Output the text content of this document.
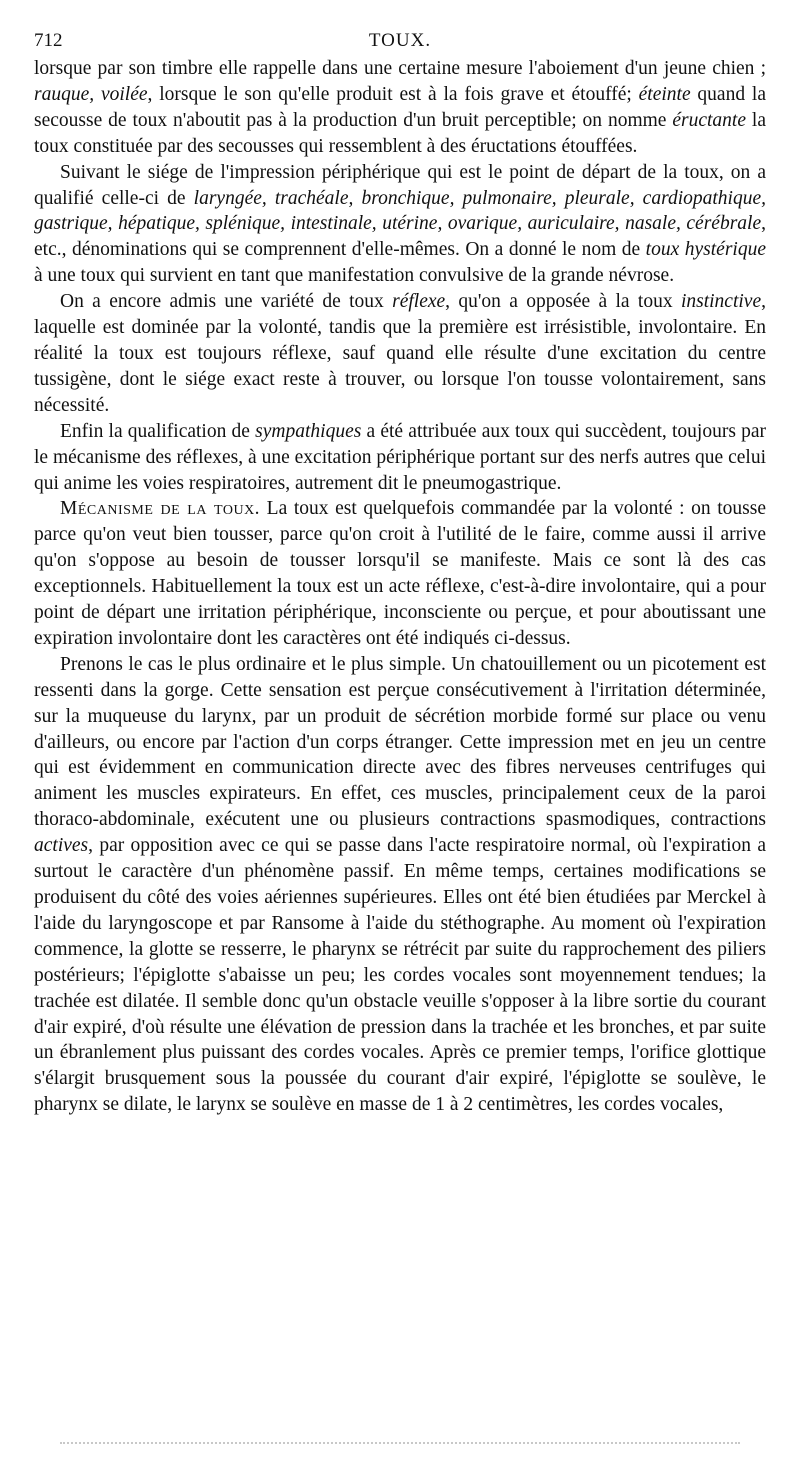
712	TOUX.

lorsque par son timbre elle rappelle dans une certaine mesure l'aboiement d'un jeune chien ; rauque, voilée, lorsque le son qu'elle produit est à la fois grave et étouffé; éteinte quand la secousse de toux n'aboutit pas à la production d'un bruit perceptible; on nomme éructante la toux constituée par des secousses qui ressemblent à des éructations étouffées.

Suivant le siége de l'impression périphérique qui est le point de départ de la toux, on a qualifié celle-ci de laryngée, trachéale, bronchique, pulmonaire, pleurale, cardiopathique, gastrique, hépatique, splénique, intestinale, utérine, ovarique, auriculaire, nasale, cérébrale, etc., dénominations qui se comprennent d'elle-mêmes. On a donné le nom de toux hystérique à une toux qui survient en tant que manifestation convulsive de la grande névrose.

On a encore admis une variété de toux réflexe, qu'on a opposée à la toux instinctive, laquelle est dominée par la volonté, tandis que la première est irrésistible, involontaire. En réalité la toux est toujours réflexe, sauf quand elle résulte d'une excitation du centre tussigène, dont le siége exact reste à trouver, ou lorsque l'on tousse volontairement, sans nécessité.

Enfin la qualification de sympathiques a été attribuée aux toux qui succèdent, toujours par le mécanisme des réflexes, à une excitation périphérique portant sur des nerfs autres que celui qui anime les voies respiratoires, autrement dit le pneumogastrique.

Mécanisme de la toux. La toux est quelquefois commandée par la volonté : on tousse parce qu'on veut bien tousser, parce qu'on croit à l'utilité de le faire, comme aussi il arrive qu'on s'oppose au besoin de tousser lorsqu'il se manifeste. Mais ce sont là des cas exceptionnels. Habituellement la toux est un acte réflexe, c'est-à-dire involontaire, qui a pour point de départ une irritation périphérique, inconsciente ou perçue, et pour aboutissant une expiration involontaire dont les caractères ont été indiqués ci-dessus.

Prenons le cas le plus ordinaire et le plus simple. Un chatouillement ou un picotement est ressenti dans la gorge. Cette sensation est perçue consécutivement à l'irritation déterminée, sur la muqueuse du larynx, par un produit de sécrétion morbide formé sur place ou venu d'ailleurs, ou encore par l'action d'un corps étranger. Cette impression met en jeu un centre qui est évidemment en communication directe avec des fibres nerveuses centrifuges qui animent les muscles expirateurs. En effet, ces muscles, principalement ceux de la paroi thoraco-abdominale, exécutent une ou plusieurs contractions spasmodiques, contractions actives, par opposition avec ce qui se passe dans l'acte respiratoire normal, où l'expiration a surtout le caractère d'un phénomène passif. En même temps, certaines modifications se produisent du côté des voies aériennes supérieures. Elles ont été bien étudiées par Merckel à l'aide du laryngoscope et par Ransome à l'aide du stéthographe. Au moment où l'expiration commence, la glotte se resserre, le pharynx se rétrécit par suite du rapprochement des piliers postérieurs; l'épiglotte s'abaisse un peu; les cordes vocales sont moyennement tendues; la trachée est dilatée. Il semble donc qu'un obstacle veuille s'opposer à la libre sortie du courant d'air expiré, d'où résulte une élévation de pression dans la trachée et les bronches, et par suite un ébranlement plus puissant des cordes vocales. Après ce premier temps, l'orifice glottique s'élargit brusquement sous la poussée du courant d'air expiré, l'épiglotte se soulève, le pharynx se dilate, le larynx se soulève en masse de 1 à 2 centimètres, les cordes vocales,
